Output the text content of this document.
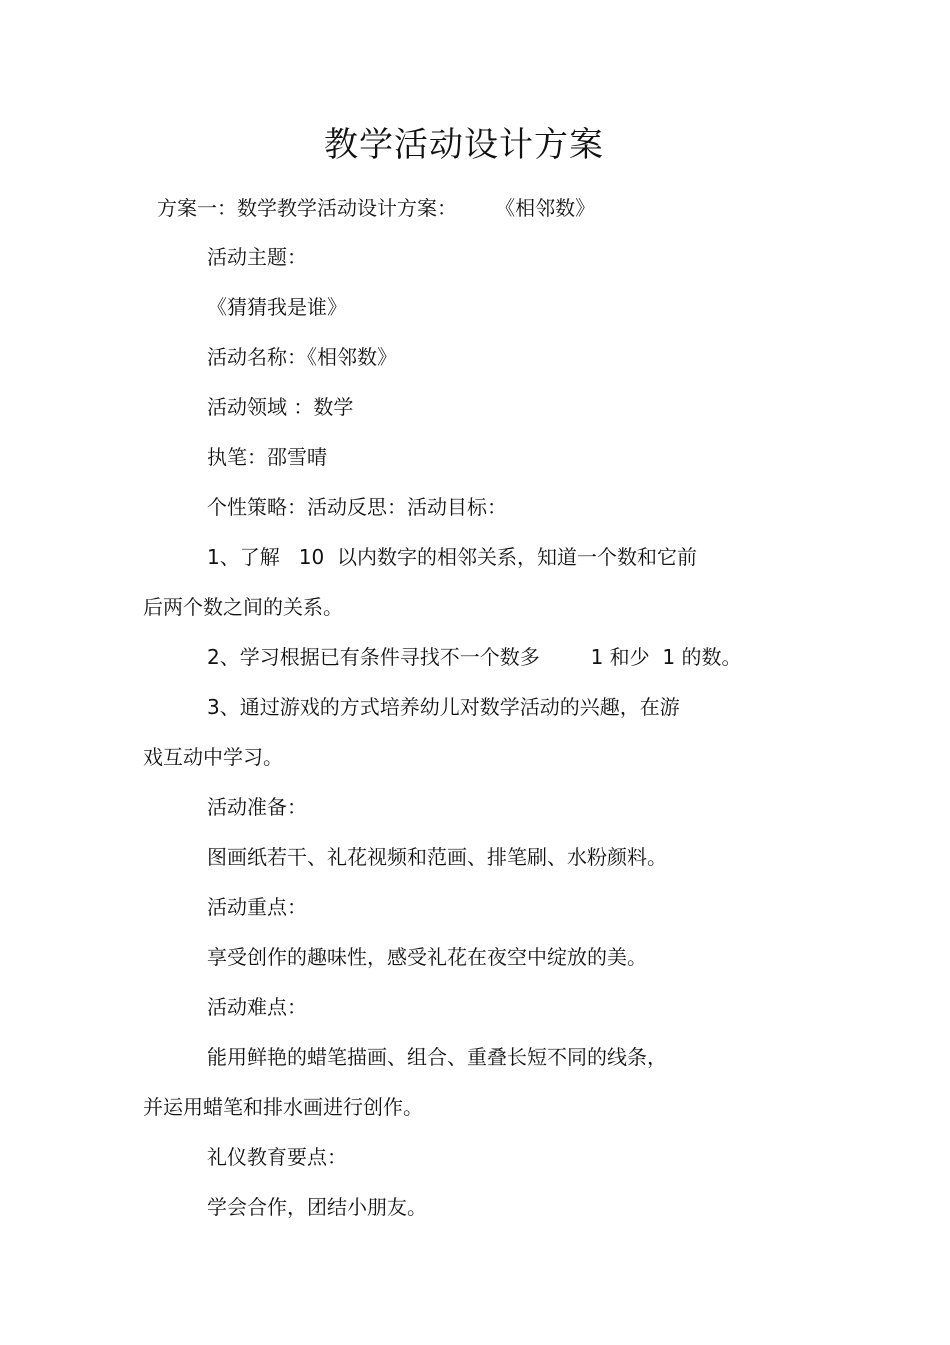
教学活动设计方案
方案一：数学教学活动设计方案：      《相邻数》
活动主题：
《猜猜我是谁》
活动名称：《相邻数》
活动领域 ：数学
执笔：邵雪晴
个性策略：活动反思：活动目标：
1、了解   10  以内数字的相邻关系，知道一个数和它前
后两个数之间的关系。
2、学习根据已有条件寻找不一个数多        1 和少  1 的数。
3、通过游戏的方式培养幼儿对数学活动的兴趣，在游
戏互动中学习。
活动准备：
图画纸若干、礼花视频和范画、排笔刷、水粉颜料。
活动重点：
享受创作的趣味性，感受礼花在夜空中绽放的美。
活动难点：
能用鲜艳的蜡笔描画、组合、重叠长短不同的线条，
并运用蜡笔和排水画进行创作。
礼仪教育要点：
学会合作，团结小朋友。
